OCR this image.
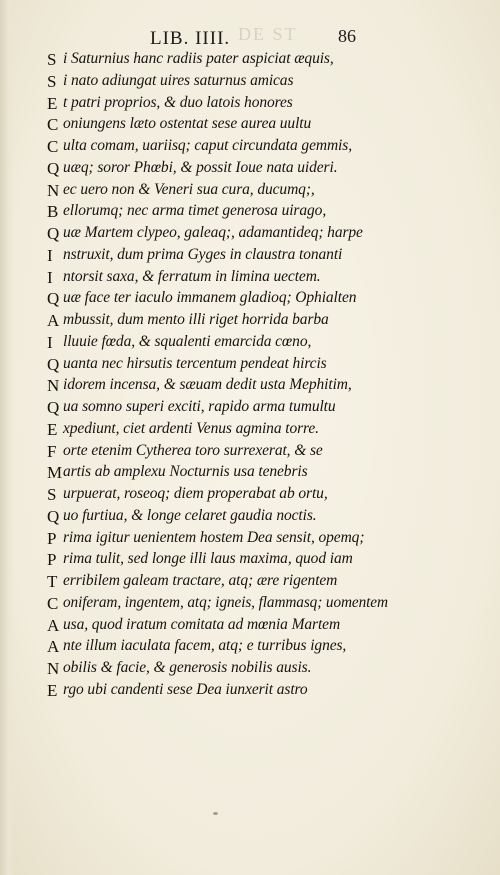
LIB. IIII. DE ST 86
S i Saturnius hanc radiis pater aspiciat æquis,
S i nato adiungat uires saturnus amicas
E t patri proprios, & duo latois honores
C oniungens læto ostentat sese aurea uultu
C ulta comam, uariisq; caput circundata gemmis,
Q uæq; soror Phœbi, & possit Ioue nata uideri.
N ec uero non & Veneri sua cura, ducumq;,
B ellorumq; nec arma timet generosa uirago,
Q uæ Martem clypeo, galeaq;, adamantideq; harpe
I nstruxit, dum prima Gyges in claustra tonanti
I ntorsit saxa, & ferratum in limina uectem.
Q uæ face ter iaculo immanem gladioq; Ophialten
A mbussit, dum mento illi riget horrida barba
I lluuie fœda, & squalenti emarcida cœno,
Q uanta nec hirsutis tercentum pendeat hircis
N idorem incensa, & sæuam dedit usta Mephitim,
Q ua somno superi exciti, rapido arma tumultu
E xpediunt, ciet ardenti Venus agmina torre.
F orte etenim Cytherea toro surrexerat, & se
M artis ab amplexu Nocturnis usa tenebris
S urpuerat, roseoq; diem properabat ab ortu,
Q uo furtiua, & longe celaret gaudia noctis.
P rima igitur uenientem hostem Dea sensit, opemq;
P rima tulit, sed longe illi laus maxima, quod iam
T erribilem galeam tractare, atq; ære rigentem
C oniferam, ingentem, atq; igneis, flammasq; uomentem
A usa, quod iratum comitata ad mœnia Martem
A nte illum iaculata facem, atq; e turribus ignes,
N obilis & facie, & generosis nobilis ausis.
E rgo ubi candenti sese Dea iunxerit astro
